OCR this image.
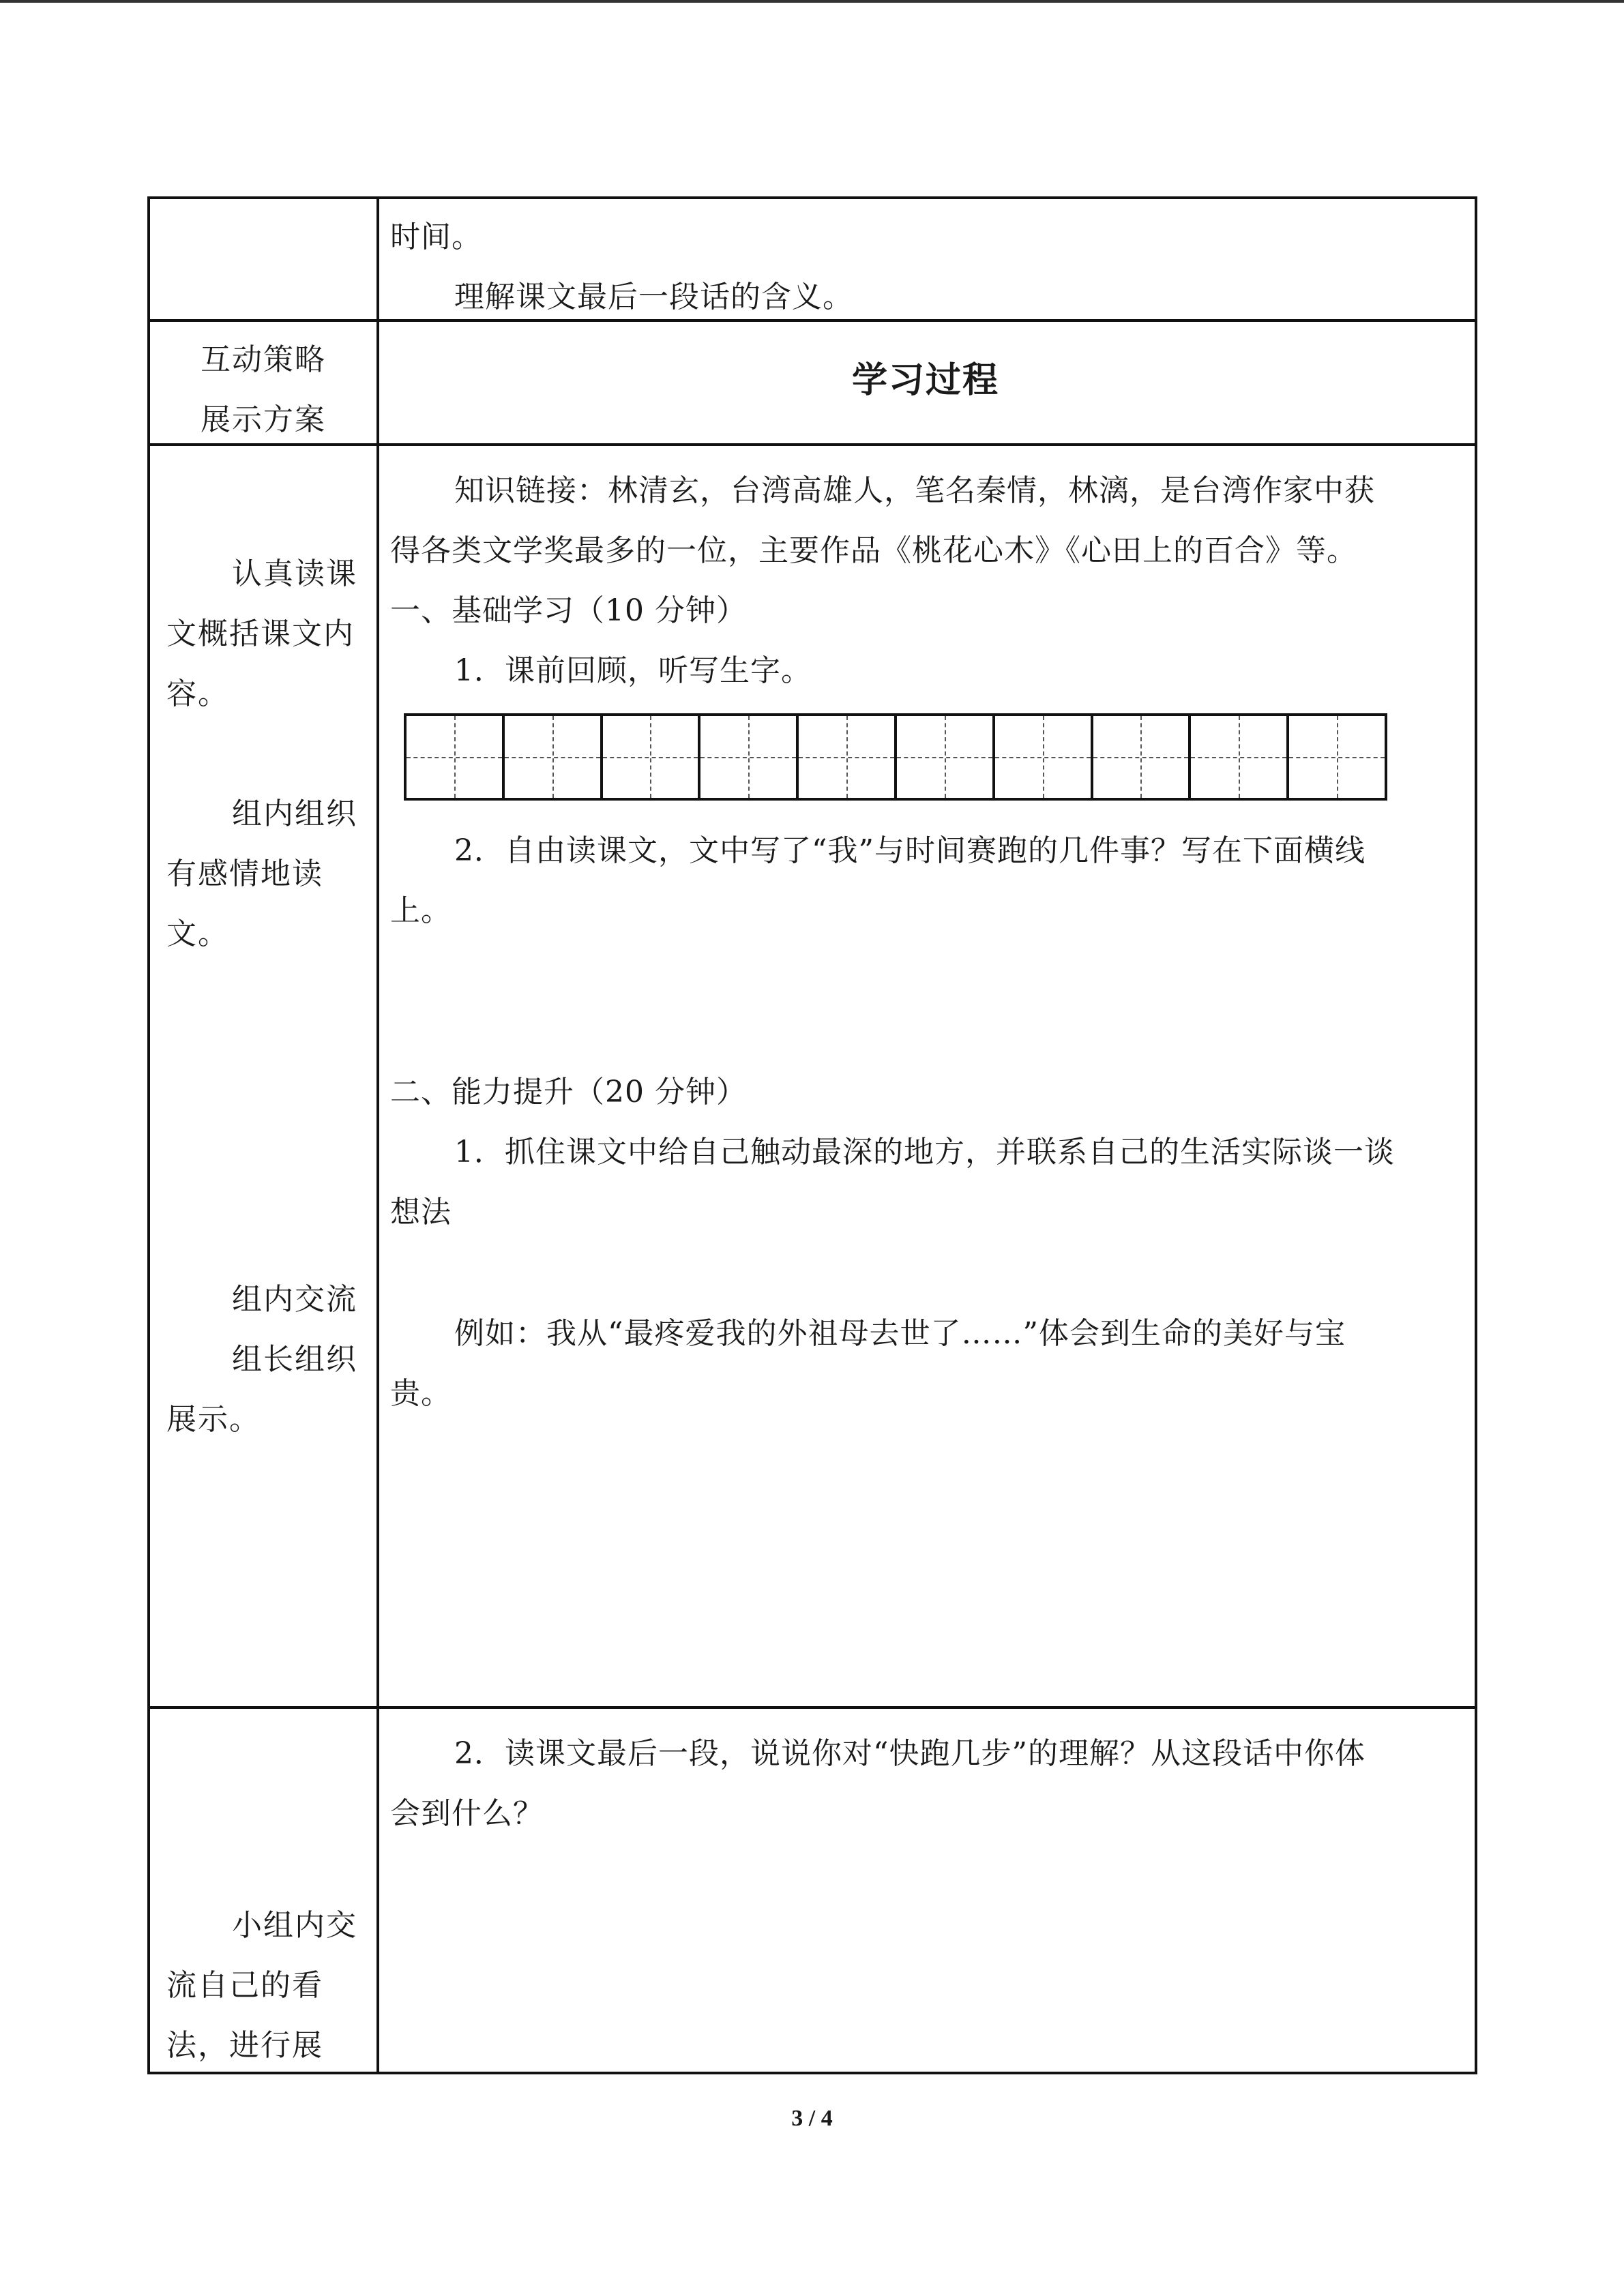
时间。
理解课文最后一段话的含义。
互动策略
展示方案
学习过程
认真读课
文概括课文内
容。
组内组织
有感情地读
文。
组内交流
组长组织
展示。
知识链接：林清玄，台湾高雄人，笔名秦情，林漓，是台湾作家中获
得各类文学奖最多的一位，主要作品《桃花心木》《心田上的百合》等。
一、基础学习（10 分钟）
1．课前回顾，听写生字。
2．自由读课文，文中写了“我”与时间赛跑的几件事？写在下面横线
上。
二、能力提升（20 分钟）
1．抓住课文中给自己触动最深的地方，并联系自己的生活实际谈一谈
想法
例如：我从“最疼爱我的外祖母去世了……”体会到生命的美好与宝
贵。
小组内交
流自己的看
法，进行展
2．读课文最后一段，说说你对“快跑几步”的理解？从这段话中你体
会到什么？
3 / 4
